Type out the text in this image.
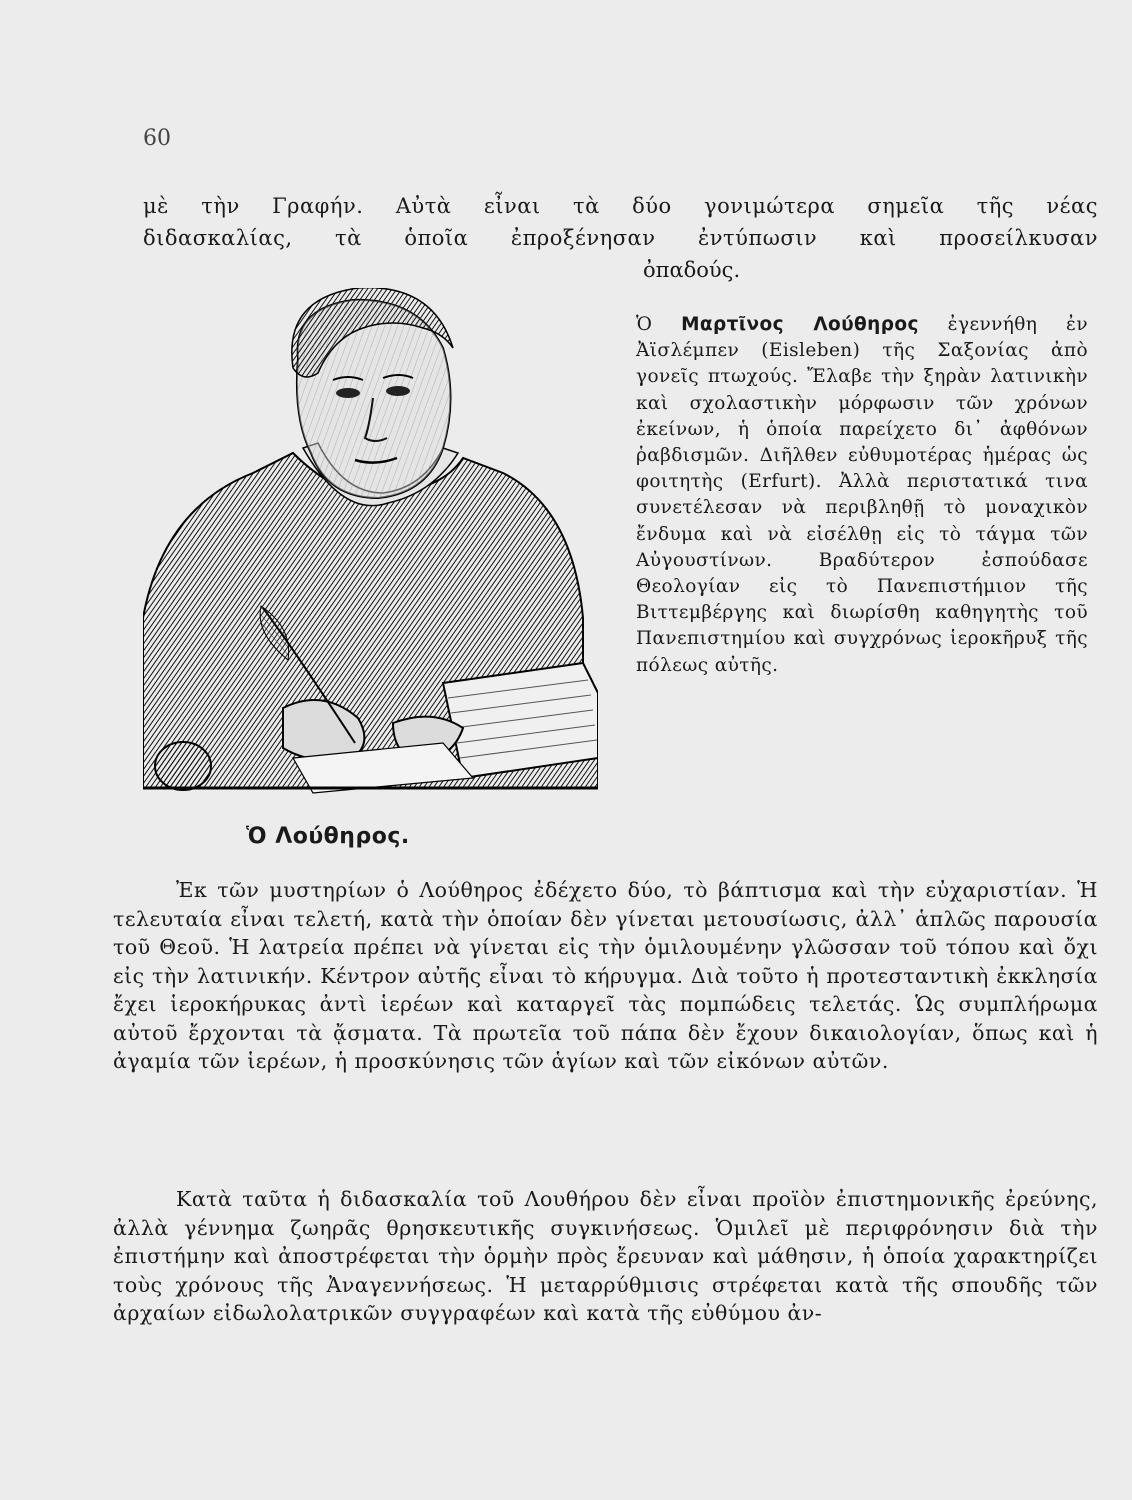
60

μὲ τὴν Γραφήν. Αὐτὰ εἶναι τὰ δύο γονιμώτερα σημεῖα τῆς νέας
διδασκαλίας, τὰ ὁποῖα ἐπροξένησαν ἐντύπωσιν καὶ προσείλκυσαν

ὀπαδούς.

Ὁ Λούθηρος.

Ὁ Μαρτῖνος Λούθηρος ἐγεννήθη ἐν Ἀϊσλέμπεν (Eisleben) τῆς Σαξονίας ἀπὸ γονεῖς πτωχούς. Ἔλαβε τὴν ξηρὰν λατινικὴν καὶ σχολαστικὴν μόρφωσιν τῶν χρόνων ἐκείνων, ἡ ὁποία παρείχετο δι᾽ ἀφθόνων ῥαβδισμῶν. Διῆλθεν εὐθυμοτέρας ἡμέρας ὡς φοιτητὴς (Erfurt). Ἀλλὰ περιστατικά τινα συνετέλεσαν νὰ περιβληθῇ τὸ μοναχικὸν ἔνδυμα καὶ νὰ εἰσέλθῃ εἰς τὸ τάγμα τῶν Αὐγουστίνων. Βραδύτερον ἐσπούδασε Θεολογίαν εἰς τὸ Πανεπιστήμιον τῆς Βιττεμβέργης καὶ διωρίσθη καθηγητὴς τοῦ Πανεπιστημίου καὶ συγχρόνως ἱεροκῆρυξ τῆς πόλεως αὐτῆς.

Ἐκ τῶν μυστηρίων ὁ Λούθηρος ἐδέχετο δύο, τὸ βάπτισμα καὶ τὴν εὐχαριστίαν. Ἡ τελευταία εἶναι τελετή, κατὰ τὴν ὁποίαν δὲν γίνεται μετουσίωσις, ἀλλ᾽ ἁπλῶς παρουσία τοῦ Θεοῦ. Ἡ λατρεία πρέπει νὰ γίνεται εἰς τὴν ὁμιλουμένην γλῶσσαν τοῦ τόπου καὶ ὄχι εἰς τὴν λατινικήν. Κέντρον αὐτῆς εἶναι τὸ κήρυγμα. Διὰ τοῦτο ἡ προτεσταντικὴ ἐκκλησία ἔχει ἱεροκήρυκας ἀντὶ ἱερέων καὶ καταργεῖ τὰς πομπώδεις τελετάς. Ὡς συμπλήρωμα αὐτοῦ ἔρχονται τὰ ᾄσματα. Τὰ πρωτεῖα τοῦ πάπα δὲν ἔχουν δικαιολογίαν, ὅπως καὶ ἡ ἀγαμία τῶν ἱερέων, ἡ προσκύνησις τῶν ἁγίων καὶ τῶν εἰκόνων αὐτῶν.

Κατὰ ταῦτα ἡ διδασκαλία τοῦ Λουθήρου δὲν εἶναι προϊὸν ἐπιστημονικῆς ἐρεύνης, ἀλλὰ γέννημα ζωηρᾶς θρησκευτικῆς συγκινήσεως. Ὁμιλεῖ μὲ περιφρόνησιν διὰ τὴν ἐπιστήμην καὶ ἀποστρέφεται τὴν ὁρμὴν πρὸς ἔρευναν καὶ μάθησιν, ἡ ὁποία χαρακτηρίζει τοὺς χρόνους τῆς Ἀναγεννήσεως. Ἡ μεταρρύθμισις στρέφεται κατὰ τῆς σπουδῆς τῶν ἀρχαίων εἰδωλολατρικῶν συγγραφέων καὶ κατὰ τῆς εὐθύμου ἀν-
